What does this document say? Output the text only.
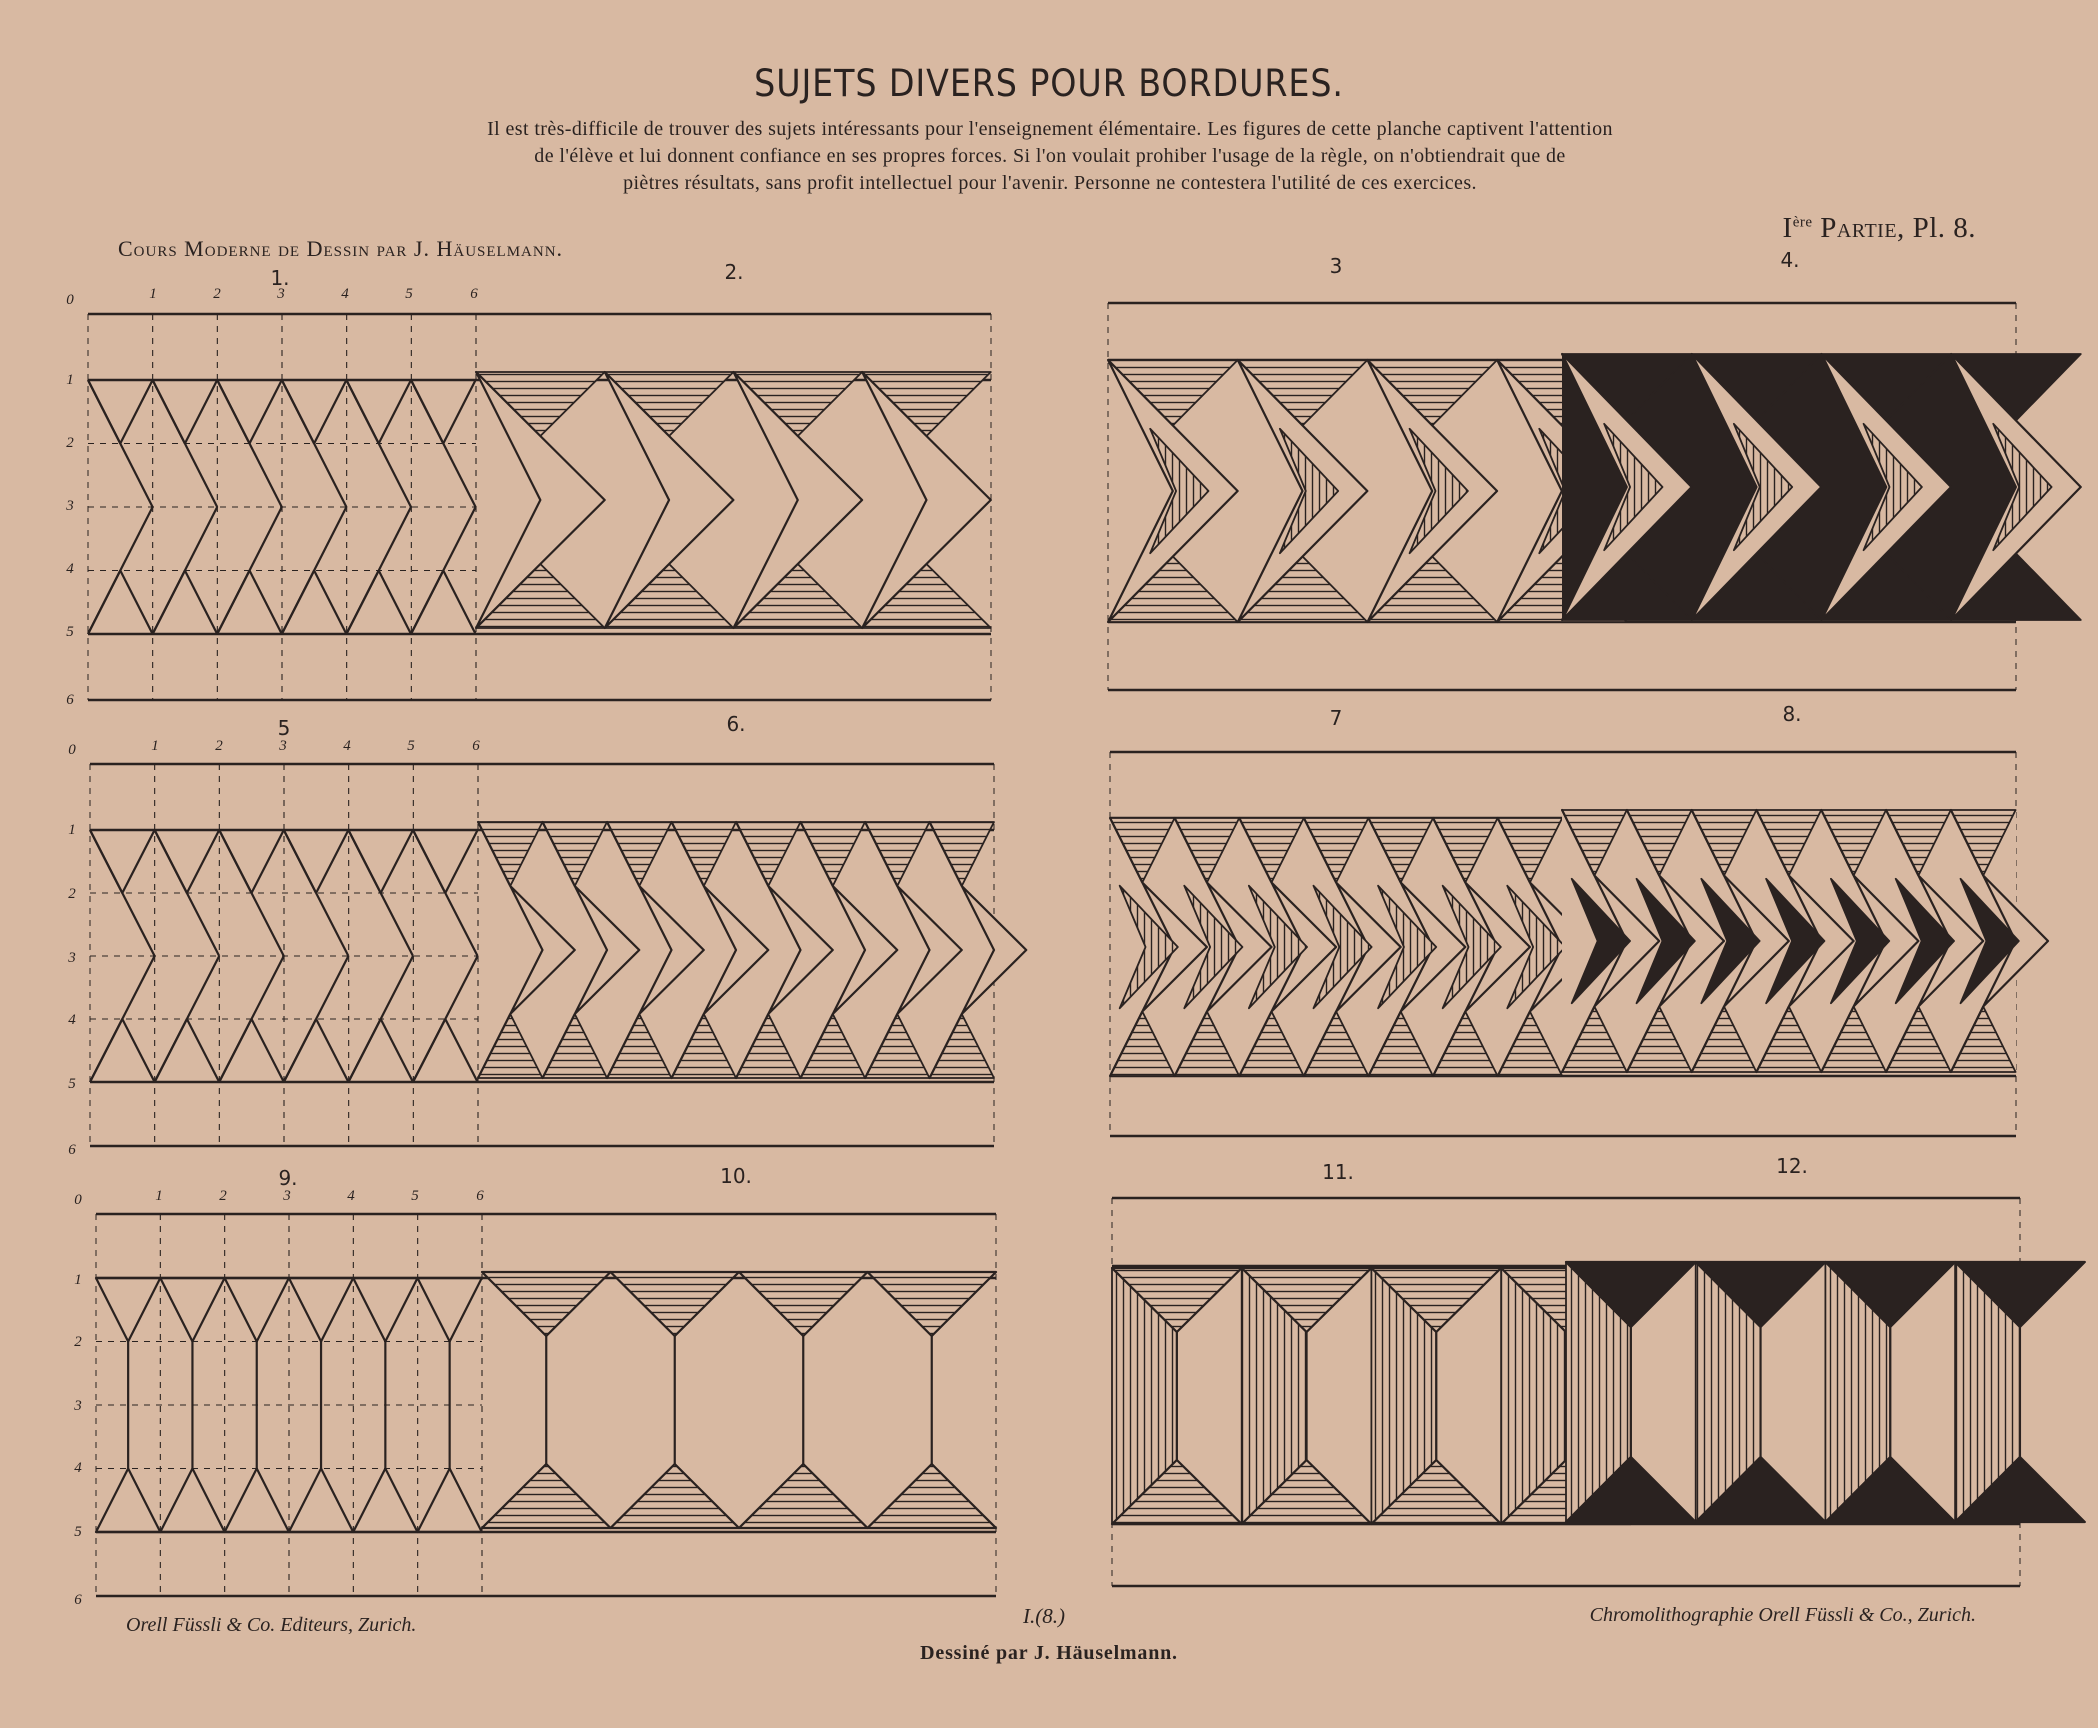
SUJETS DIVERS POUR BORDURES.
Il est très-difficile de trouver des sujets intéressants pour l'enseignement élémentaire. Les figures de cette planche captivent l'attention
de l'élève et lui donnent confiance en ses propres forces. Si l'on voulait prohiber l'usage de la règle, on n'obtiendrait que de
piètres résultats, sans profit intellectuel pour l'avenir. Personne ne contestera l'utilité de ces exercices.
Cours Moderne de Dessin par J. Häuselmann.
Ière Partie, Pl. 8.
1.	2.	3	4.
5	6.	7	8.
9.	10.	11.	12.
1	2	3	4	5	6
0
1
2
3
4
5
6
1	2	3	4	5	6
0
1
2
3
4
5
6
1	2	3	4	5	6
0
1
2
3
4
5
6
Orell Füssli & Co. Editeurs, Zurich.	I.(8.)	Chromolithographie Orell Füssli & Co., Zurich.
Dessiné par J. Häuselmann.
